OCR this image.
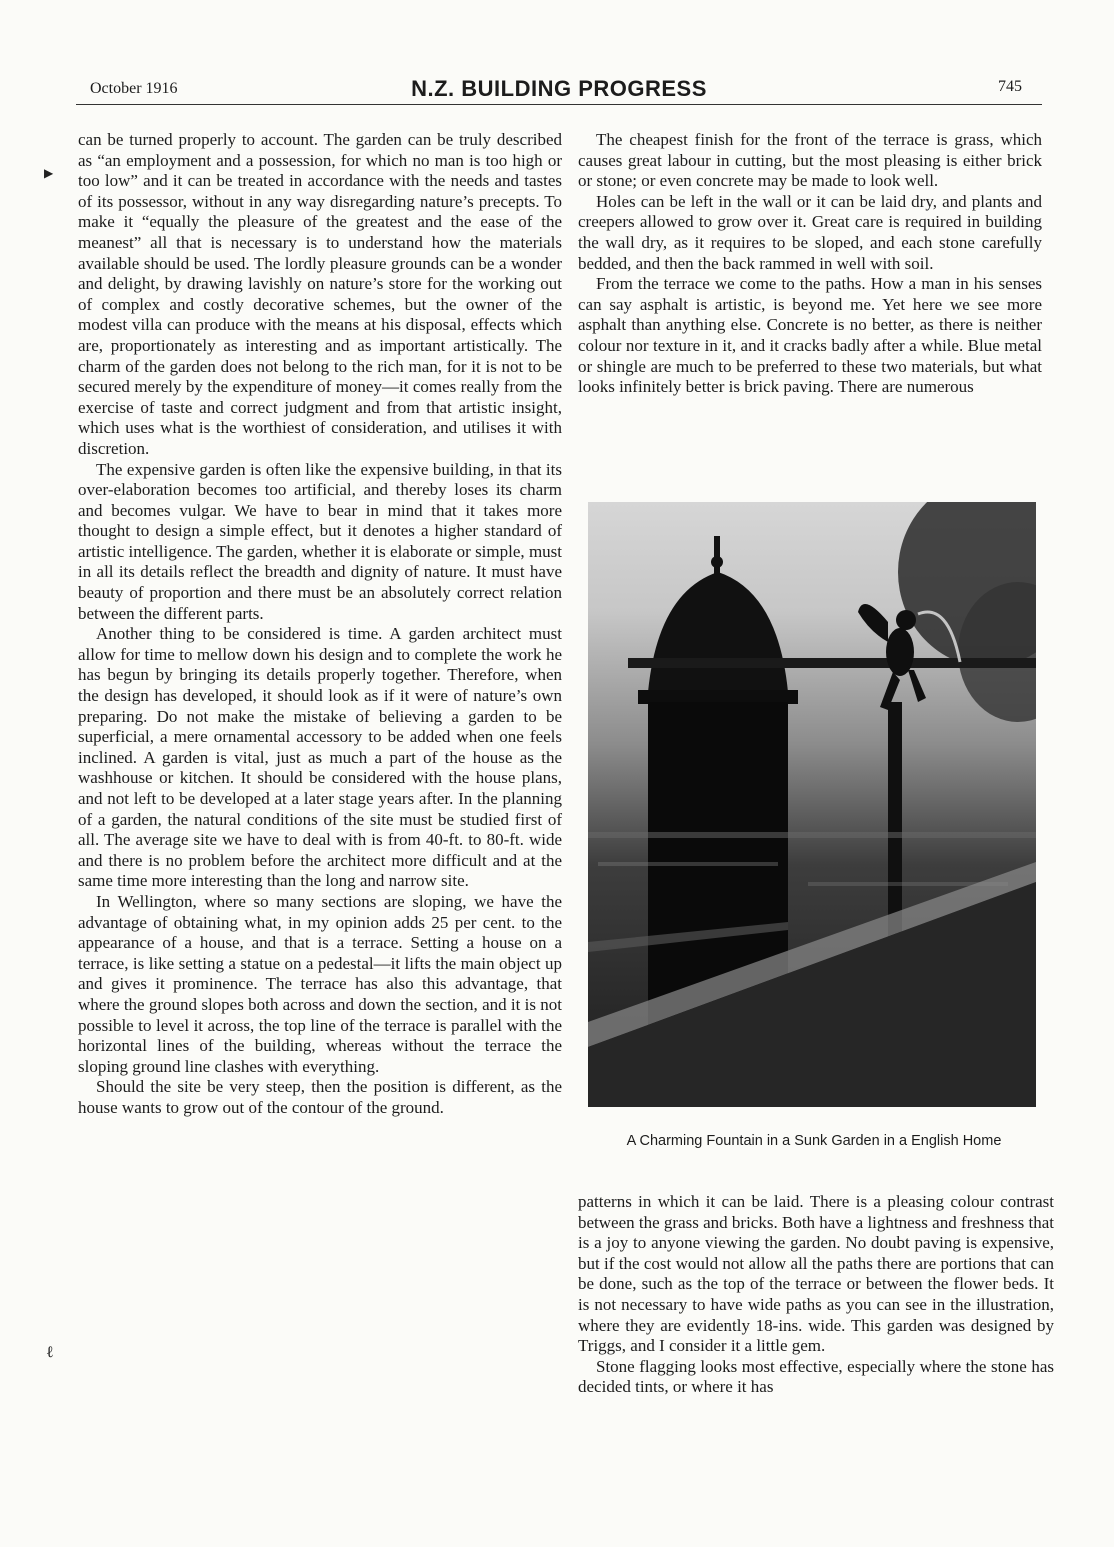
October 1916	N.Z. BUILDING PROGRESS	745
▶
ℓ

can be turned properly to account. The garden can be truly described as “an employment and a possession, for which no man is too high or too low” and it can be treated in accordance with the needs and tastes of its possessor, without in any way disregarding nature’s precepts. To make it “equally the pleasure of the greatest and the ease of the meanest” all that is necessary is to understand how the materials available should be used. The lordly pleasure grounds can be a wonder and delight, by drawing lavishly on nature’s store for the working out of complex and costly decorative schemes, but the owner of the modest villa can produce with the means at his disposal, effects which are, proportionately as interesting and as important artistically. The charm of the garden does not belong to the rich man, for it is not to be secured merely by the expenditure of money—it comes really from the exercise of taste and correct judgment and from that artistic insight, which uses what is the worthiest of consideration, and utilises it with discretion.

The expensive garden is often like the expensive building, in that its over-elaboration becomes too artificial, and thereby loses its charm and becomes vulgar. We have to bear in mind that it takes more thought to design a simple effect, but it denotes a higher standard of artistic intelligence. The garden, whether it is elaborate or simple, must in all its details reflect the breadth and dignity of nature. It must have beauty of proportion and there must be an absolutely correct relation between the different parts.

Another thing to be considered is time. A garden architect must allow for time to mellow down his design and to complete the work he has begun by bringing its details properly together. Therefore, when the design has developed, it should look as if it were of nature’s own preparing. Do not make the mistake of believing a garden to be superficial, a mere ornamental accessory to be added when one feels inclined. A garden is vital, just as much a part of the house as the washhouse or kitchen. It should be considered with the house plans, and not left to be developed at a later stage years after. In the planning of a garden, the natural conditions of the site must be studied first of all. The average site we have to deal with is from 40-ft. to 80-ft. wide and there is no problem before the architect more difficult and at the same time more interesting than the long and narrow site.

In Wellington, where so many sections are sloping, we have the advantage of obtaining what, in my opinion adds 25 per cent. to the appearance of a house, and that is a terrace. Setting a house on a terrace, is like setting a statue on a pedestal—it lifts the main object up and gives it prominence. The terrace has also this advantage, that where the ground slopes both across and down the section, and it is not possible to level it across, the top line of the terrace is parallel with the horizontal lines of the building, whereas without the terrace the sloping ground line clashes with everything.

Should the site be very steep, then the position is different, as the house wants to grow out of the contour of the ground.

The cheapest finish for the front of the terrace is grass, which causes great labour in cutting, but the most pleasing is either brick or stone; or even concrete may be made to look well.

Holes can be left in the wall or it can be laid dry, and plants and creepers allowed to grow over it. Great care is required in building the wall dry, as it requires to be sloped, and each stone carefully bedded, and then the back rammed in well with soil.

From the terrace we come to the paths. How a man in his senses can say asphalt is artistic, is beyond me. Yet here we see more asphalt than anything else. Concrete is no better, as there is neither colour nor texture in it, and it cracks badly after a while. Blue metal or shingle are much to be preferred to these two materials, but what looks infinitely better is brick paving. There are numerous

A Charming Fountain in a Sunk Garden in a English Home

patterns in which it can be laid. There is a pleasing colour contrast between the grass and bricks. Both have a lightness and freshness that is a joy to anyone viewing the garden. No doubt paving is expensive, but if the cost would not allow all the paths there are portions that can be done, such as the top of the terrace or between the flower beds. It is not necessary to have wide paths as you can see in the illustration, where they are evidently 18-ins. wide. This garden was designed by Triggs, and I consider it a little gem.

Stone flagging looks most effective, especially where the stone has decided tints, or where it has
